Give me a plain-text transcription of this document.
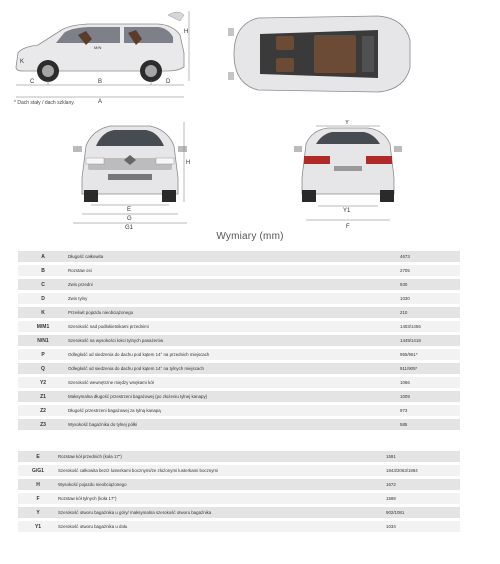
C	B	D
A
K
H
M/N
* Dach stały / dach szklany.
E
G
G1
H
Y
Y1
F
Wymiary (mm)
A	Długość całkowita	4673
B	Rozstaw osi	2705
C	Zwis przedni	930
D	Zwis tylny	1030
K	Prześwit pojazdu nieobciążonego	210
M/M1	Szerokość nad podłokietnikami przednimi	1403/1456
N/N1	Szerokość na wysokości łokci tylnych pasażerów	1449/1418
P	Odległość od siedzenia do dachu pod kątem 14° na przednich miejscach	955/961*
Q	Odległość od siedzenia do dachu pod kątem 14° na tylnych miejscach	911/905*
Y2	Szerokość wewnętrzne między wnękami kół	1066
Z1	Maksymalna długość przestrzeni bagażowej (po złożeniu tylnej kanapy)	1009
Z2	Długość przestrzeni bagażowej za tylną kanapą	973
Z3	Wysokość bagażnika do tylnej półki	585
E	Rozstaw kół przednich (koła 17")	1591
G/G1	Szerokość całkowita bez/z lusterkami bocznymi/ze złożonymi lusterkami bocznymi	1843/2063/1884
H	Wysokość pojazdu nieobciążonego	1672
F	Rozstaw kół tylnych (koła 17")	1598
Y	Szerokość otworu bagażnika u góry/ maksymalna szerokość otworu bagażnika	902/1081
Y1	Szerokość otworu bagażnika u dołu	1034
